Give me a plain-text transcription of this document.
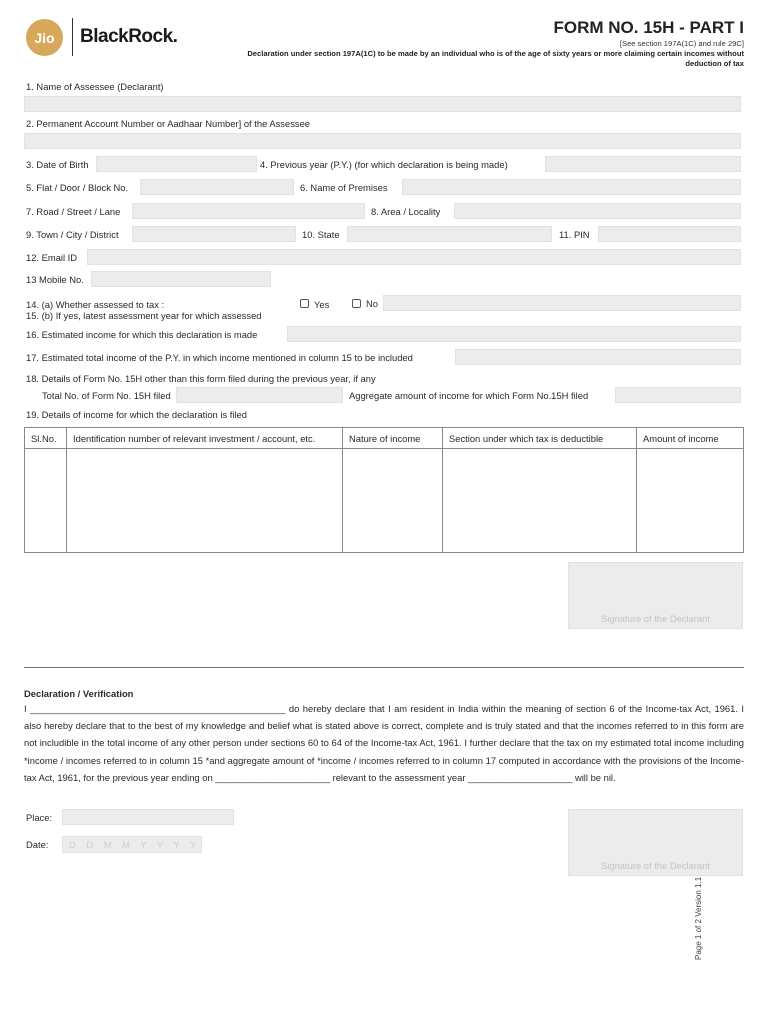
Jio	BlackRock.	FORM NO. 15H - PART I
[See section 197A(1C) and rule 29C]
Declaration under section 197A(1C) to be made by an individual who is of the age of sixty years or more claiming certain incomes without deduction of tax
1. Name of Assessee (Declarant)
2. Permanent Account Number or Aadhaar Number] of the Assessee
3. Date of Birth	4. Previous year (P.Y.) (for which declaration is being made)
5. Flat / Door / Block No.	6. Name of Premises
7. Road / Street / Lane	8. Area / Locality
9. Town / City / District	10. State	11. PIN
12. Email ID
13 Mobile No.
14. (a) Whether assessed to tax :	Yes	No
15. (b) If yes, latest assessment year for which assessed
16. Estimated income for which this declaration is made
17. Estimated total income of the P.Y. in which income mentioned in column 15 to be included
18. Details of Form No. 15H other than this form filed during the previous year, if any
Total No. of Form No. 15H filed	Aggregate amount of income for which Form No.15H filed
19. Details of income for which the declaration is filed
Sl.No.	Identification number of relevant investment / account, etc.	Nature of income	Section under which tax is deductible	Amount of income

Signature of the Declarant
Declaration / Verification
I _________________________________________________ do hereby declare that I am resident in India within the meaning of section 6 of the Income-tax Act, 1961. I also hereby declare that to the best of my knowledge and belief what is stated above is correct, complete and is truly stated and that the incomes referred to in this form are not includible in the total income of any other person under sections 60 to 64 of the Income-tax Act, 1961. I further declare that the tax on my estimated total income including *income / incomes referred to in column 15 *and aggregate amount of *income / incomes referred to in column 17 computed in accordance with the provisions of the Income-tax Act, 1961, for the previous year ending on ______________________ relevant to the assessment year ____________________ will be nil.
Place:
Date:	D D M M Y Y Y Y
Signature of the Declarant
Page 1 of 2 Version 1.1
